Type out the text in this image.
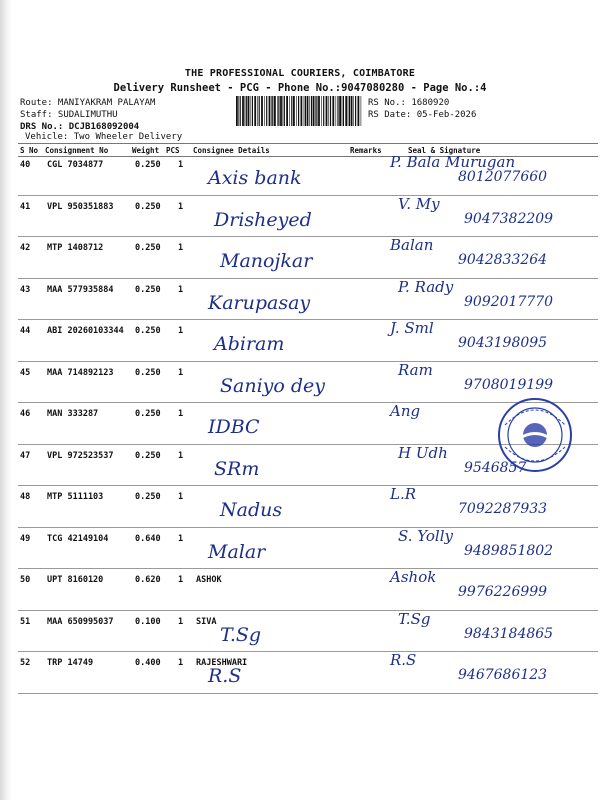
THE PROFESSIONAL COURIERS, COIMBATORE
Delivery Runsheet - PCG - Phone No.:9047080280 - Page No.:4
Route: MANIYAKRAM PALAYAM
Staff: SUDALIMUTHU
DRS No.: DCJB168092004
Vehicle: Two Wheeler Delivery
RS No.: 1680920
RS Date: 05-Feb-2026
S No Consignment No	Weight PCS Consignee Details	Remarks	Seal & Signature
40 CGL 7034877	0.250 1
Axis bank
P. Bala Murugan
8012077660
41 VPL 950351883	0.250 1
Drisheyed
V. My
9047382209
42 MTP 1408712	0.250 1
Manojkar
Balan
9042833264
43 MAA 577935884	0.250 1
Karupasay
P. Rady
9092017770
44 ABI 20260103344 0.250 1
Abiram
J. Sml
9043198095
45 MAA 714892123	0.250 1
Saniyo dey
Ram
9708019199
46 MAN 333287	0.250 1
IDBC
Ang
47 VPL 972523537	0.250 1
SRm
H Udh
9546857
48 MTP 5111103	0.250 1
Nadus
L.R
7092287933
49 TCG 42149104	0.640 1
Malar
S. Yolly
9489851802
50 UPT 8160120	0.620 1 ASHOK	Ashok
9976226999
51 MAA 650995037	0.100 1 SIVA
T.Sg
T.Sg
9843184865
52 TRP 14749	0.400 1 RAJESHWARI
R.S
R.S
9467686123
